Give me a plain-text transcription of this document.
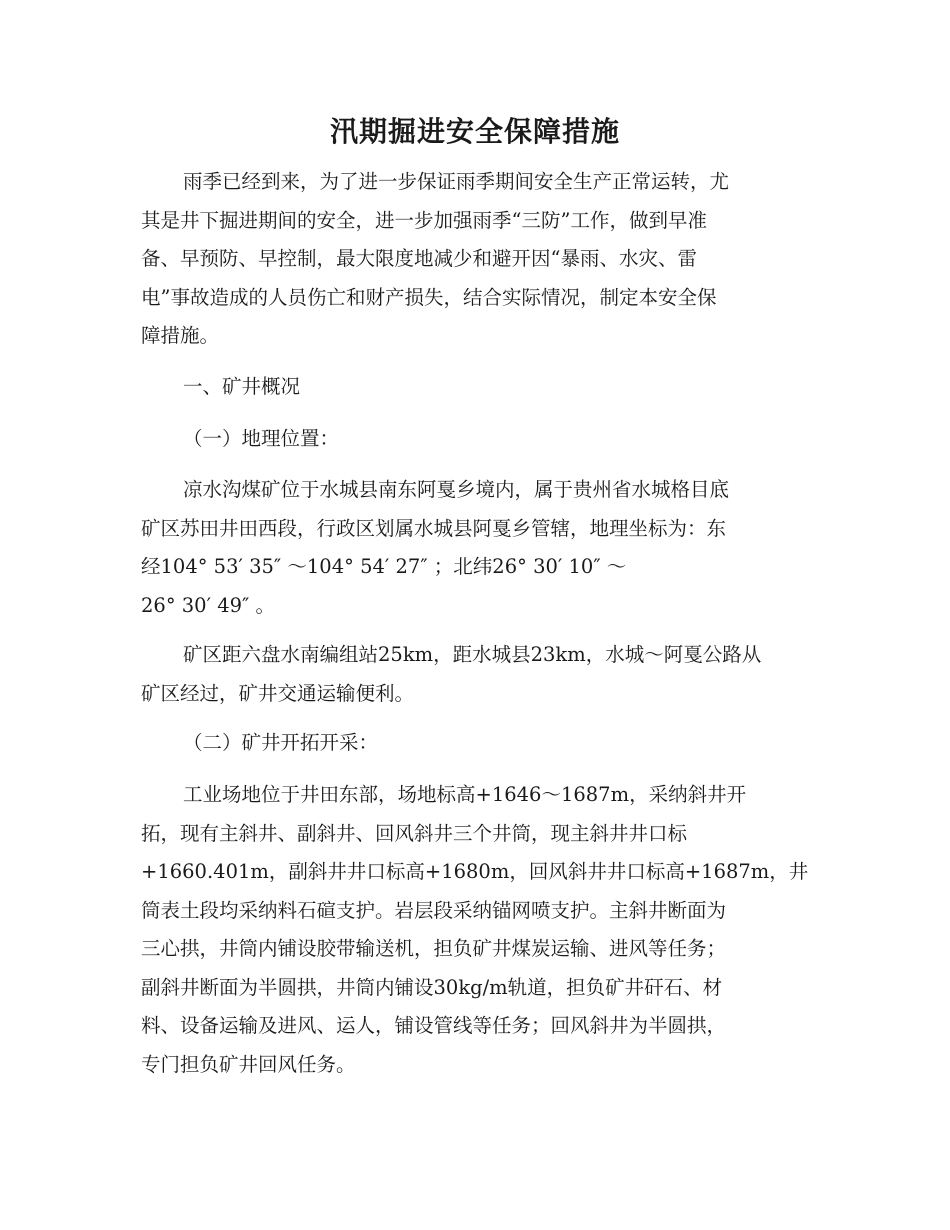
汛期掘进安全保障措施

雨季已经到来，为了进一步保证雨季期间安全生产正常运转，尤
其是井下掘进期间的安全，进一步加强雨季“三防”工作，做到早准
备、早预防、早控制，最大限度地减少和避开因“暴雨、水灾、雷
电”事故造成的人员伤亡和财产损失，结合实际情况，制定本安全保
障措施。

一、矿井概况

（一）地理位置：

凉水沟煤矿位于水城县南东阿戛乡境内，属于贵州省水城格目底
矿区苏田井田西段，行政区划属水城县阿戛乡管辖，地理坐标为：东
经104° 53′ 35″ ～104° 54′ 27″ ；北纬26° 30′ 10″ ～
26° 30′ 49″ 。

矿区距六盘水南编组站25km，距水城县23km，水城～阿戛公路从
矿区经过，矿井交通运输便利。

（二）矿井开拓开采：

工业场地位于井田东部，场地标高+1646～1687m，采纳斜井开
拓，现有主斜井、副斜井、回风斜井三个井筒，现主斜井井口标
+1660.401m，副斜井井口标高+1680m，回风斜井井口标高+1687m，井
筒表土段均采纳料石碹支护。岩层段采纳锚网喷支护。主斜井断面为
三心拱，井筒内铺设胶带输送机，担负矿井煤炭运输、进风等任务；
副斜井断面为半圆拱，井筒内铺设30kg/m轨道，担负矿井矸石、材
料、设备运输及进风、运人，铺设管线等任务；回风斜井为半圆拱，
专门担负矿井回风任务。
